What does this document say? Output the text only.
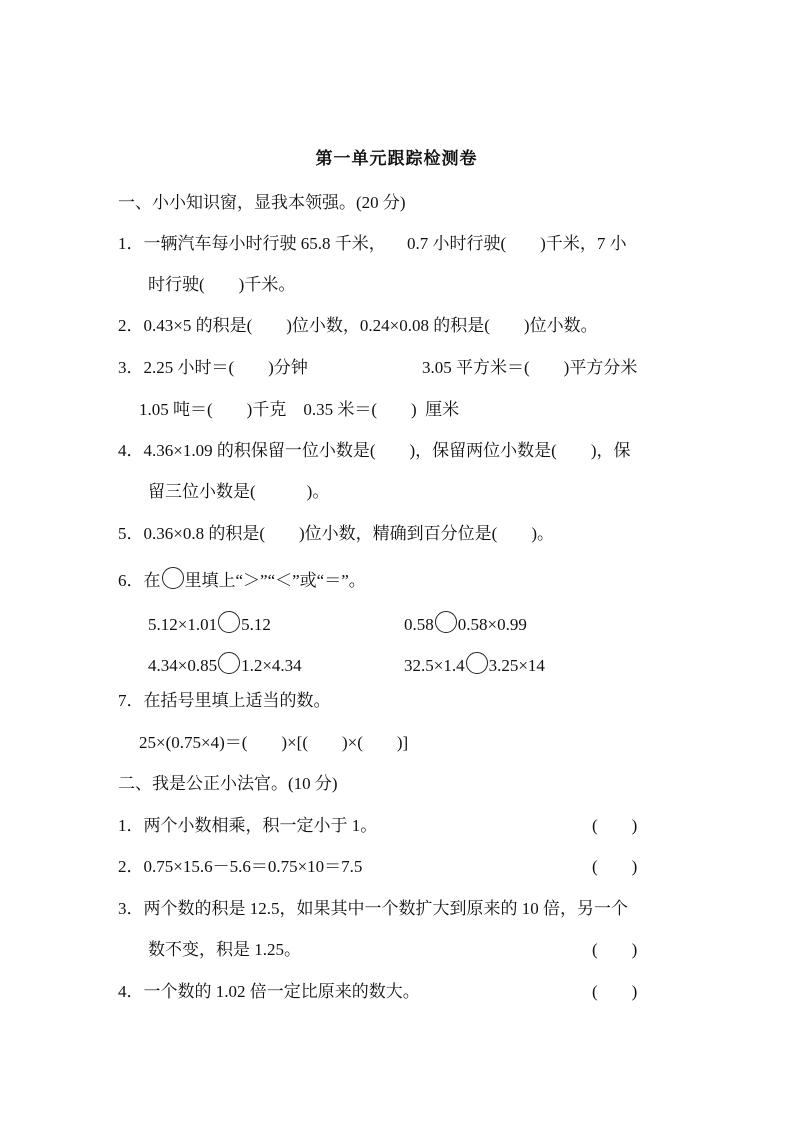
第一单元跟踪检测卷
一、小小知识窗，显我本领强。(20 分)
1．一辆汽车每小时行驶 65.8 千米，     0.7 小时行驶(        )千米，7 小
时行驶(        )千米。
2．0.43×5 的积是(        )位小数，0.24×0.08 的积是(        )位小数。
3．2.25 小时＝(        )分钟	3.05 平方米＝(        )平方分米
1.05 吨＝(        )千克    0.35 米＝(        )  厘米
4．4.36×1.09 的积保留一位小数是(        )，保留两位小数是(        )，保
留三位小数是(            )。
5．0.36×0.8 的积是(        )位小数，精确到百分位是(        )。
6．在 里填上“＞”“＜”或“＝”。
5.12×1.01 5.12	0.58 0.58×0.99
4.34×0.85 1.2×4.34	32.5×1.4 3.25×14
7．在括号里填上适当的数。
25×(0.75×4)＝(        )×[(        )×(        )]
二、我是公正小法官。(10 分)
1．两个小数相乘，积一定小于 1。	(        )
2．0.75×15.6－5.6＝0.75×10＝7.5	(        )
3．两个数的积是 12.5，如果其中一个数扩大到原来的 10 倍，另一个
数不变，积是 1.25。	(        )
4．一个数的 1.02 倍一定比原来的数大。	(        )
